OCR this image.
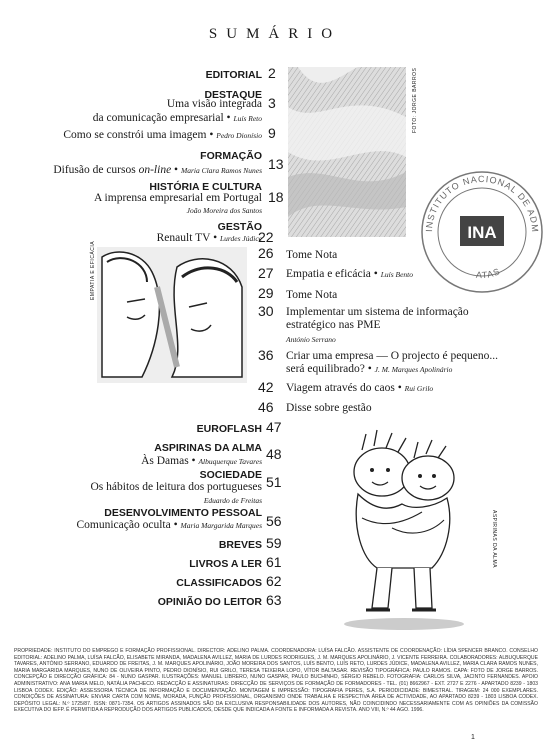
SUMÁRIO
FOTO: JORGE BARROS
INSTITUTO NACIONAL DE ADM
ATAS
INA
EDITORIAL 2
DESTAQUE
Uma visão integrada
da comunicação empresarial • Luís Reto
3
Como se constrói uma imagem • Pedro Dionísio 9
FORMAÇÃO
Difusão de cursos on-line • Maria Clara Ramos Nunes 13
HISTÓRIA E CULTURA
A imprensa empresarial em Portugal
João Moreira dos Santos
18
GESTÃO
Renault TV • Lurdes Júdice
22
EMPATIA E EFICÁCIA	26 Tome Nota
27 Empatia e eficácia • Luís Bento
29 Tome Nota
30 Implementar um sistema de informação
estratégico nas PME
António Serrano
36 Criar uma empresa — O projecto é pequeno...
será equilibrado? • J. M. Marques Apolinário
42 Viagem através do caos • Rui Grilo
46 Disse sobre gestão
EUROFLASH 47
ASPIRINAS DA ALMA
Às Damas • Albuquerque Tavares 48
SOCIEDADE
Os hábitos de leitura dos portugueses
Eduardo de Freitas
51
DESENVOLVIMENTO PESSOAL
Comunicação oculta • Maria Margarida Marques 56
BREVES 59
LIVROS A LER 61
CLASSIFICADOS 62
OPINIÃO DO LEITOR 63
ASPIRINAS DA ALMA
PROPRIEDADE: INSTITUTO DO EMPREGO E FORMAÇÃO PROFISSIONAL. DIRECTOR: ADELINO PALMA. COORDENADORA: LUÍSA FALCÃO. ASSISTENTE DE COORDENAÇÃO: LÍDIA SPENCER BRANCO. CONSELHO EDITORIAL: ADELINO PALMA, LUÍSA FALCÃO, ELISABETE MIRANDA, MADALENA AVILLEZ, MARIA DE LURDES RODRIGUES, J. M. MARQUES APOLINÁRIO, J. VICENTE FERREIRA. COLABORADORES: ALBUQUERQUE TAVARES, ANTÓNIO SERRANO, EDUARDO DE FREITAS, J. M. MARQUES APOLINÁRIO, JOÃO MOREIRA DOS SANTOS, LUÍS BENTO, LUÍS RETO, LURDES JÚDICE, MADALENA AVILLEZ, MARIA CLARA RAMOS NUNES, MARIA MARGARIDA MARQUES, NUNO DE OLIVEIRA PINTO, PEDRO DIONÍSIO, RUI GRILO, TERESA TEIXEIRA LOPO, VÍTOR BALTASAR. REVISÃO TIPOGRÁFICA: PAULO RAMOS. CAPA: FOTO DE JORGE BARROS. CONCEPÇÃO E DIRECÇÃO GRÁFICA: 84 - NUNO GASPAR. ILUSTRAÇÕES: MANUEL LIBRERO, NUNO GASPAR, PAULO BUCHINHO, SÉRGIO REBELO. FOTOGRAFIA: CARLOS SILVA, JACINTO FERNANDES. APOIO ADMINISTRATIVO: ANA MARIA MELO, NATÁLIA PACHECO. REDACÇÃO E ASSINATURAS: DIRECÇÃO DE SERVIÇOS DE FORMAÇÃO DE FORMADORES - TEL. (01) 8662967 - EXT. 2727 E 2276 - APARTADO 8239 - 1803 LISBOA CODEX. EDIÇÃO: ASSESSORIA TÉCNICA DE INFORMAÇÃO E DOCUMENTAÇÃO. MONTAGEM E IMPRESSÃO: TIPOGRAFIA PERES, S.A. PERIODICIDADE: BIMESTRAL. TIRAGEM: 24 000 EXEMPLARES. CONDIÇÕES DE ASSINATURA: ENVIAR CARTA COM NOME, MORADA, FUNÇÃO PROFISSIONAL, ORGANISMO ONDE TRABALHA E RESPECTIVA ÁREA DE ACTIVIDADE, AO APARTADO 8239 - 1803 LISBOA CODEX. DEPÓSITO LEGAL: N.º 1725/87. ISSN: 0871-7354. OS ARTIGOS ASSINADOS SÃO DA EXCLUSIVA RESPONSABILIDADE DOS AUTORES, NÃO COINCIDINDO NECESSARIAMENTE COM AS OPINIÕES DA COMISSÃO EXECUTIVA DO IEFP. É PERMITIDA A REPRODUÇÃO DOS ARTIGOS PUBLICADOS, DESDE QUE INDICADA A FONTE E INFORMADA A REVISTA. ANO VIII, N.º 44 AGO. 1996.
1
